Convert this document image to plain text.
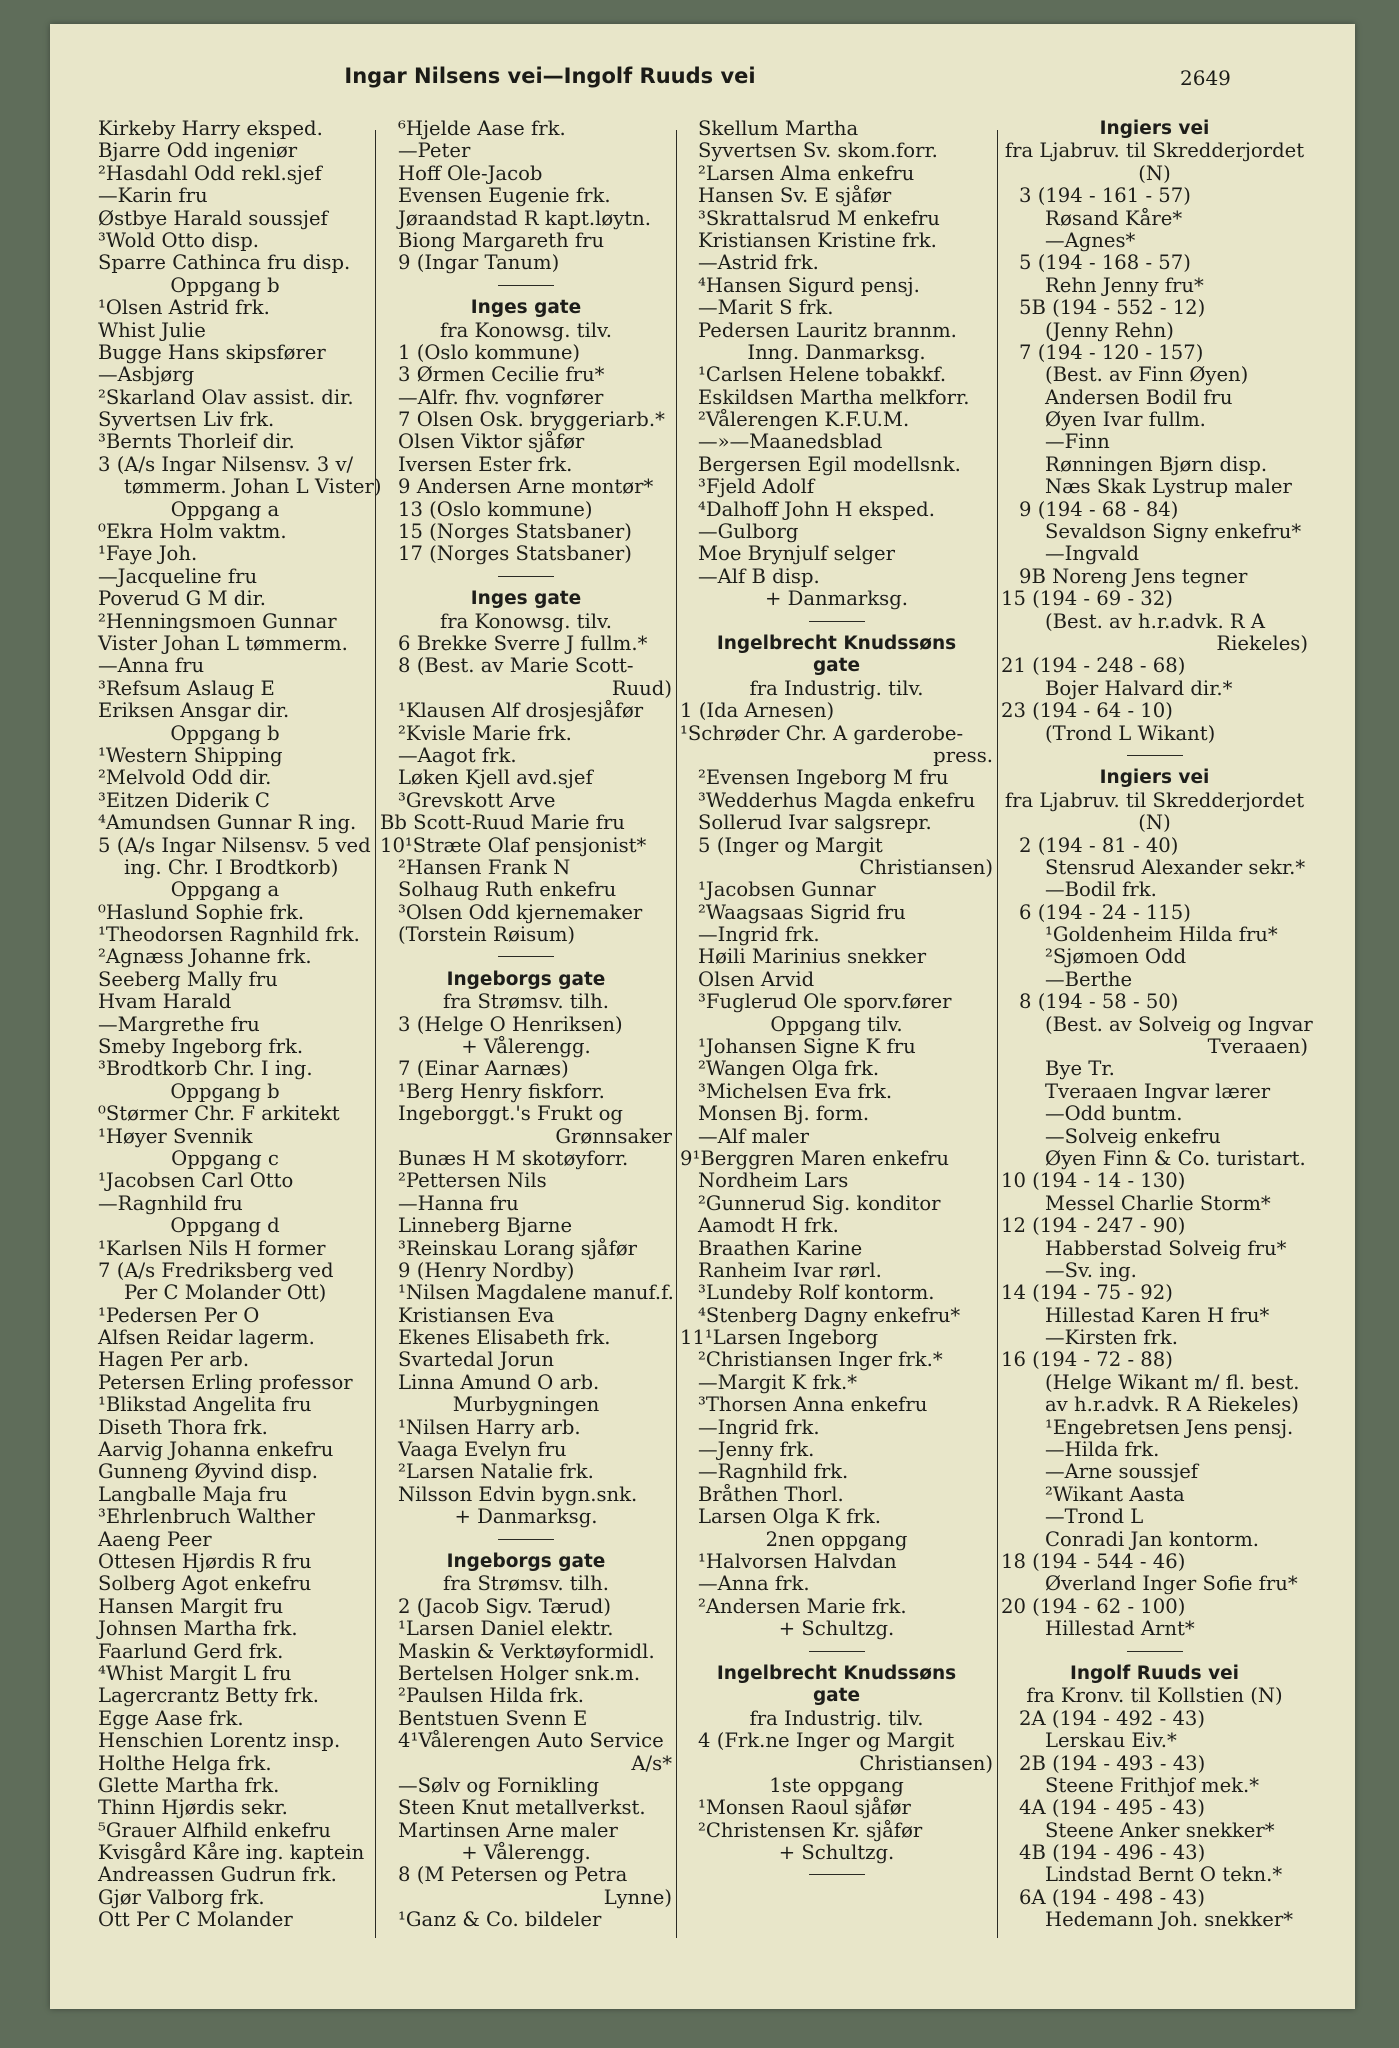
Ingar Nilsens vei—Ingolf Ruuds vei	2649
Kirkeby Harry eksped.
Bjarre Odd ingeniør
²Hasdahl Odd rekl.sjef
—Karin fru
Østbye Harald soussjef
³Wold Otto disp.
Sparre Cathinca fru disp.
Oppgang b
¹Olsen Astrid frk.
Whist Julie
Bugge Hans skipsfører
—Asbjørg
²Skarland Olav assist. dir.
Syvertsen Liv frk.
³Bernts Thorleif dir.
3 (A/s Ingar Nilsensv. 3 v/
tømmerm. Johan L Vister)
Oppgang a
⁰Ekra Holm vaktm.
¹Faye Joh.
—Jacqueline fru
Poverud G M dir.
²Henningsmoen Gunnar
Vister Johan L tømmerm.
—Anna fru
³Refsum Aslaug E
Eriksen Ansgar dir.
Oppgang b
¹Western Shipping
²Melvold Odd dir.
³Eitzen Diderik C
⁴Amundsen Gunnar R ing.
5 (A/s Ingar Nilsensv. 5 ved
ing. Chr. I Brodtkorb)
Oppgang a
⁰Haslund Sophie frk.
¹Theodorsen Ragnhild frk.
²Agnæss Johanne frk.
Seeberg Mally fru
Hvam Harald
—Margrethe fru
Smeby Ingeborg frk.
³Brodtkorb Chr. I ing.
Oppgang b
⁰Størmer Chr. F arkitekt
¹Høyer Svennik
Oppgang c
¹Jacobsen Carl Otto
—Ragnhild fru
Oppgang d
¹Karlsen Nils H former
7 (A/s Fredriksberg ved
Per C Molander Ott)
¹Pedersen Per O
Alfsen Reidar lagerm.
Hagen Per arb.
Petersen Erling professor
¹Blikstad Angelita fru
Diseth Thora frk.
Aarvig Johanna enkefru
Gunneng Øyvind disp.
Langballe Maja fru
³Ehrlenbruch Walther
Aaeng Peer
Ottesen Hjørdis R fru
Solberg Agot enkefru
Hansen Margit fru
Johnsen Martha frk.
Faarlund Gerd frk.
⁴Whist Margit L fru
Lagercrantz Betty frk.
Egge Aase frk.
Henschien Lorentz insp.
Holthe Helga frk.
Glette Martha frk.
Thinn Hjørdis sekr.
⁵Grauer Alfhild enkefru
Kvisgård Kåre ing. kaptein
Andreassen Gudrun frk.
Gjør Valborg frk.
Ott Per C Molander
⁶Hjelde Aase frk.
—Peter
Hoff Ole-Jacob
Evensen Eugenie frk.
Jøraandstad R kapt.løytn.
Biong Margareth fru
9 (Ingar Tanum)
Inges gate
fra Konowsg. tilv.
1 (Oslo kommune)
3 Ørmen Cecilie fru*
—Alfr. fhv. vognfører
7 Olsen Osk. bryggeriarb.*
Olsen Viktor sjåfør
Iversen Ester frk.
9 Andersen Arne montør*
13 (Oslo kommune)
15 (Norges Statsbaner)
17 (Norges Statsbaner)
Inges gate
fra Konowsg. tilv.
6 Brekke Sverre J fullm.*
8 (Best. av Marie Scott-
Ruud)
¹Klausen Alf drosjesjåfør
²Kvisle Marie frk.
—Aagot frk.
Løken Kjell avd.sjef
³Grevskott Arve
Bb Scott-Ruud Marie fru
10¹Stræte Olaf pensjonist*
²Hansen Frank N
Solhaug Ruth enkefru
³Olsen Odd kjernemaker
(Torstein Røisum)
Ingeborgs gate
fra Strømsv. tilh.
3 (Helge O Henriksen)
+ Vålerengg.
7 (Einar Aarnæs)
¹Berg Henry fiskforr.
Ingeborggt.'s Frukt og
Grønnsaker
Bunæs H M skotøyforr.
²Pettersen Nils
—Hanna fru
Linneberg Bjarne
³Reinskau Lorang sjåfør
9 (Henry Nordby)
¹Nilsen Magdalene manuf.f.
Kristiansen Eva
Ekenes Elisabeth frk.
Svartedal Jorun
Linna Amund O arb.
Murbygningen
¹Nilsen Harry arb.
Vaaga Evelyn fru
²Larsen Natalie frk.
Nilsson Edvin bygn.snk.
+ Danmarksg.
Ingeborgs gate
fra Strømsv. tilh.
2 (Jacob Sigv. Tærud)
¹Larsen Daniel elektr.
Maskin & Verktøyformidl.
Bertelsen Holger snk.m.
²Paulsen Hilda frk.
Bentstuen Svenn E
4¹Vålerengen Auto Service
A/s*
—Sølv og Fornikling
Steen Knut metallverkst.
Martinsen Arne maler
+ Vålerengg.
8 (M Petersen og Petra
Lynne)
¹Ganz & Co. bildeler
Skellum Martha
Syvertsen Sv. skom.forr.
²Larsen Alma enkefru
Hansen Sv. E sjåfør
³Skrattalsrud M enkefru
Kristiansen Kristine frk.
—Astrid frk.
⁴Hansen Sigurd pensj.
—Marit S frk.
Pedersen Lauritz brannm.
Inng. Danmarksg.
¹Carlsen Helene tobakkf.
Eskildsen Martha melkforr.
²Vålerengen K.F.U.M.
—»—Maanedsblad
Bergersen Egil modellsnk.
³Fjeld Adolf
⁴Dalhoff John H eksped.
—Gulborg
Moe Brynjulf selger
—Alf B disp.
+ Danmarksg.
Ingelbrecht Knudssøns
gate
fra Industrig. tilv.
1 (Ida Arnesen)
¹Schrøder Chr. A garderobe-
press.
²Evensen Ingeborg M fru
³Wedderhus Magda enkefru
Sollerud Ivar salgsrepr.
5 (Inger og Margit
Christiansen)
¹Jacobsen Gunnar
²Waagsaas Sigrid fru
—Ingrid frk.
Høili Marinius snekker
Olsen Arvid
³Fuglerud Ole sporv.fører
Oppgang tilv.
¹Johansen Signe K fru
²Wangen Olga frk.
³Michelsen Eva frk.
Monsen Bj. form.
—Alf maler
9¹Berggren Maren enkefru
Nordheim Lars
²Gunnerud Sig. konditor
Aamodt H frk.
Braathen Karine
Ranheim Ivar rørl.
³Lundeby Rolf kontorm.
⁴Stenberg Dagny enkefru*
11¹Larsen Ingeborg
²Christiansen Inger frk.*
—Margit K frk.*
³Thorsen Anna enkefru
—Ingrid frk.
—Jenny frk.
—Ragnhild frk.
Bråthen Thorl.
Larsen Olga K frk.
2nen oppgang
¹Halvorsen Halvdan
—Anna frk.
²Andersen Marie frk.
+ Schultzg.
Ingelbrecht Knudssøns
gate
fra Industrig. tilv.
4 (Frk.ne Inger og Margit
Christiansen)
1ste oppgang
¹Monsen Raoul sjåfør
²Christensen Kr. sjåfør
+ Schultzg.
Ingiers vei
fra Ljabruv. til Skredderjordet
(N)
3 (194 - 161 - 57)
Røsand Kåre*
—Agnes*
5 (194 - 168 - 57)
Rehn Jenny fru*
5B (194 - 552 - 12)
(Jenny Rehn)
7 (194 - 120 - 157)
(Best. av Finn Øyen)
Andersen Bodil fru
Øyen Ivar fullm.
—Finn
Rønningen Bjørn disp.
Næs Skak Lystrup maler
9 (194 - 68 - 84)
Sevaldson Signy enkefru*
—Ingvald
9B Noreng Jens tegner
15 (194 - 69 - 32)
(Best. av h.r.advk. R A
Riekeles)
21 (194 - 248 - 68)
Bojer Halvard dir.*
23 (194 - 64 - 10)
(Trond L Wikant)
Ingiers vei
fra Ljabruv. til Skredderjordet
(N)
2 (194 - 81 - 40)
Stensrud Alexander sekr.*
—Bodil frk.
6 (194 - 24 - 115)
¹Goldenheim Hilda fru*
²Sjømoen Odd
—Berthe
8 (194 - 58 - 50)
(Best. av Solveig og Ingvar
Tveraaen)
Bye Tr.
Tveraaen Ingvar lærer
—Odd buntm.
—Solveig enkefru
Øyen Finn & Co. turistart.
10 (194 - 14 - 130)
Messel Charlie Storm*
12 (194 - 247 - 90)
Habberstad Solveig fru*
—Sv. ing.
14 (194 - 75 - 92)
Hillestad Karen H fru*
—Kirsten frk.
16 (194 - 72 - 88)
(Helge Wikant m/ fl. best.
av h.r.advk. R A Riekeles)
¹Engebretsen Jens pensj.
—Hilda frk.
—Arne soussjef
²Wikant Aasta
—Trond L
Conradi Jan kontorm.
18 (194 - 544 - 46)
Øverland Inger Sofie fru*
20 (194 - 62 - 100)
Hillestad Arnt*
Ingolf Ruuds vei
fra Kronv. til Kollstien (N)
2A (194 - 492 - 43)
Lerskau Eiv.*
2B (194 - 493 - 43)
Steene Frithjof mek.*
4A (194 - 495 - 43)
Steene Anker snekker*
4B (194 - 496 - 43)
Lindstad Bernt O tekn.*
6A (194 - 498 - 43)
Hedemann Joh. snekker*
